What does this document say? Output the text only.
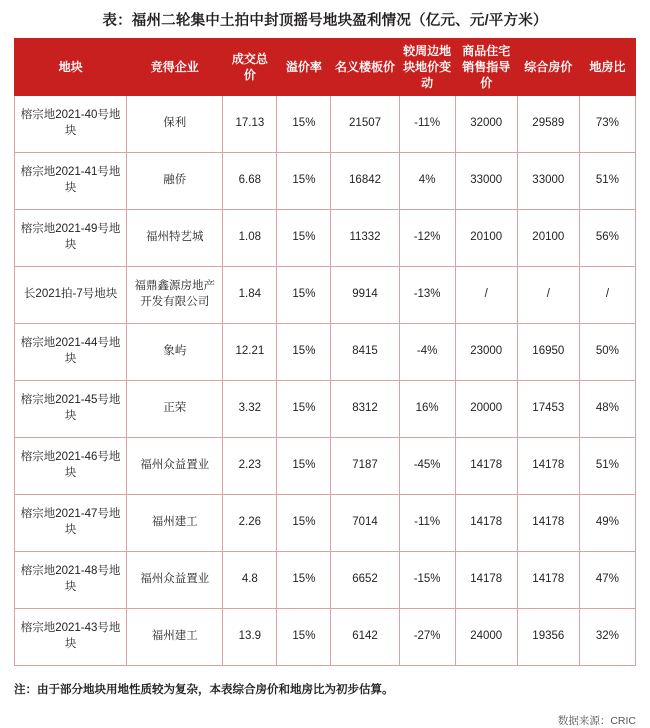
表：福州二轮集中土拍中封顶摇号地块盈利情况（亿元、元/平方米）
地块	竞得企业	成交总价	溢价率	名义楼板价	较周边地块地价变动	商品住宅销售指导价	综合房价	地房比
榕宗地2021-40号地块	保利	17.13	15%	21507	-11%	32000	29589	73%
榕宗地2021-41号地块	融侨	6.68	15%	16842	4%	33000	33000	51%
榕宗地2021-49号地块	福州特艺城	1.08	15%	11332	-12%	20100	20100	56%
长2021拍-7号地块	福鼎鑫源房地产开发有限公司	1.84	15%	9914	-13%	/	/	/
榕宗地2021-44号地块	象屿	12.21	15%	8415	-4%	23000	16950	50%
榕宗地2021-45号地块	正荣	3.32	15%	8312	16%	20000	17453	48%
榕宗地2021-46号地块	福州众益置业	2.23	15%	7187	-45%	14178	14178	51%
榕宗地2021-47号地块	福州建工	2.26	15%	7014	-11%	14178	14178	49%
榕宗地2021-48号地块	福州众益置业	4.8	15%	6652	-15%	14178	14178	47%
榕宗地2021-43号地块	福州建工	13.9	15%	6142	-27%	24000	19356	32%
注：由于部分地块用地性质较为复杂，本表综合房价和地房比为初步估算。
数据来源：CRIC
